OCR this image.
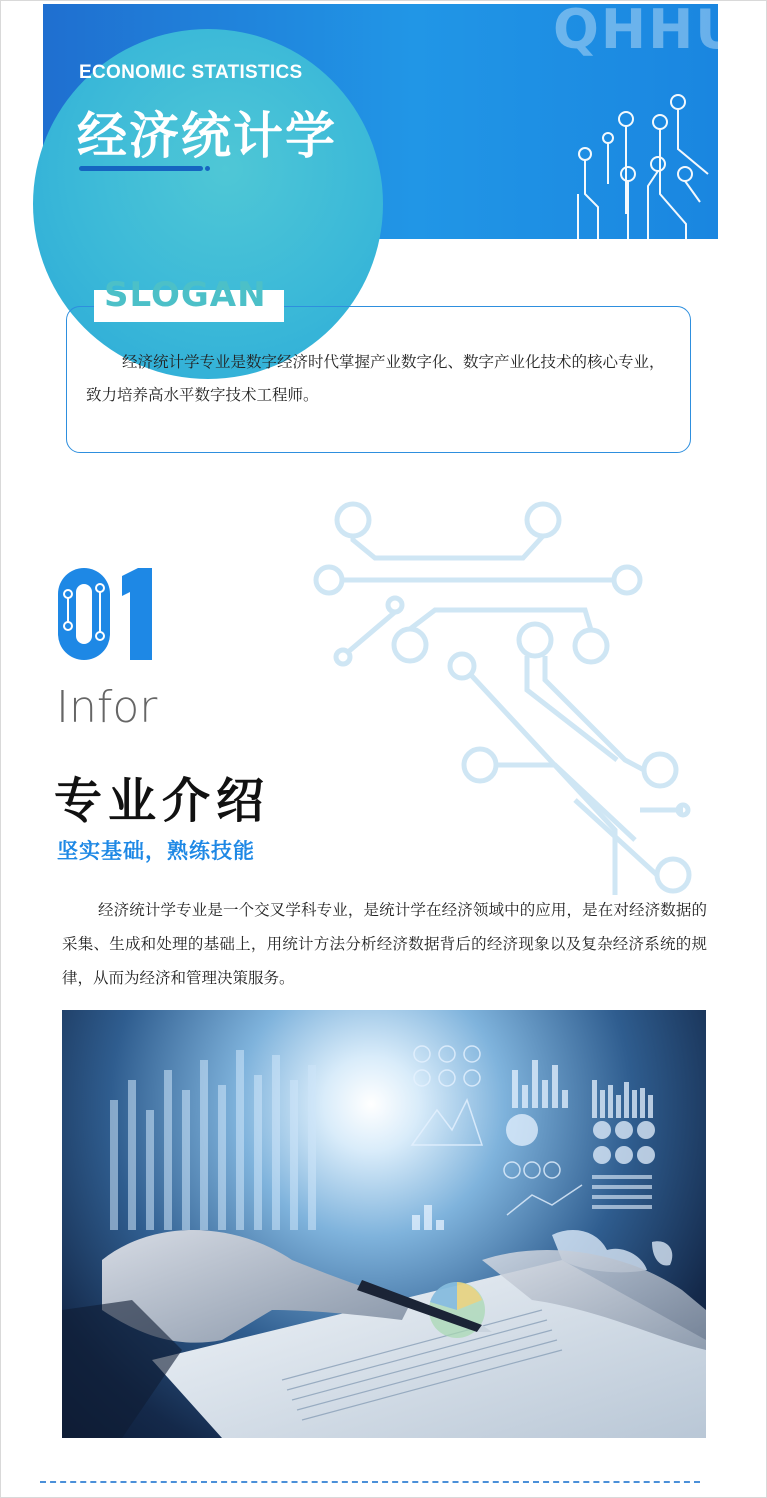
QHHU
ECONOMIC STATISTICS
经济统计学
SLOGAN
经济统计学专业是数字经济时代掌握产业数字化、数字产业化技术的核心专业，致力培养高水平数字技术工程师。
Infor
专业介绍
坚实基础，熟练技能
经济统计学专业是一个交叉学科专业，是统计学在经济领域中的应用，是在对经济数据的采集、生成和处理的基础上，用统计方法分析经济数据背后的经济现象以及复杂经济系统的规律，从而为经济和管理决策服务。
